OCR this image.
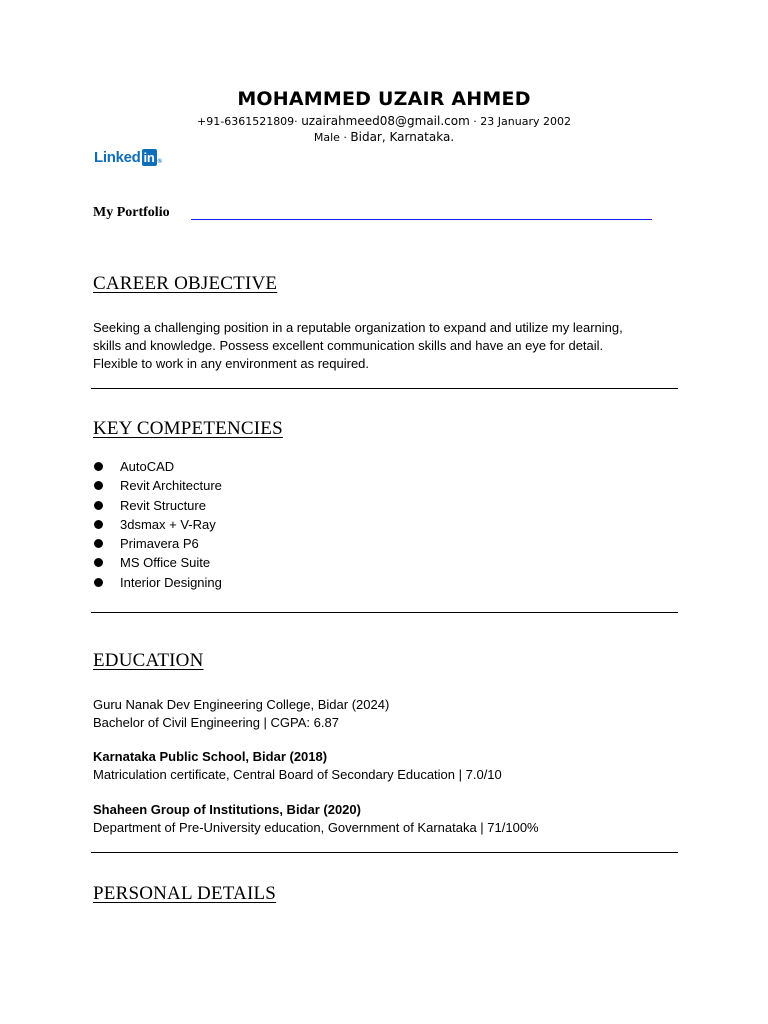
MOHAMMED UZAIR AHMED
+91-6361521809· uzairahmeed08@gmail.com · 23 January 2002
Male · Bidar, Karnataka.
Linked in ®
My Portfolio
CAREER OBJECTIVE
Seeking a challenging position in a reputable organization to expand and utilize my learning,
skills and knowledge. Possess excellent communication skills and have an eye for detail.
Flexible to work in any environment as required.
KEY COMPETENCIES
AutoCAD
Revit Architecture
Revit Structure
3dsmax + V-Ray
Primavera P6
MS Office Suite
Interior Designing
EDUCATION
Guru Nanak Dev Engineering College, Bidar (2024)
Bachelor of Civil Engineering | CGPA: 6.87
Karnataka Public School, Bidar (2018)
Matriculation certificate, Central Board of Secondary Education | 7.0/10
Shaheen Group of Institutions, Bidar (2020)
Department of Pre-University education, Government of Karnataka | 71/100%
PERSONAL DETAILS
